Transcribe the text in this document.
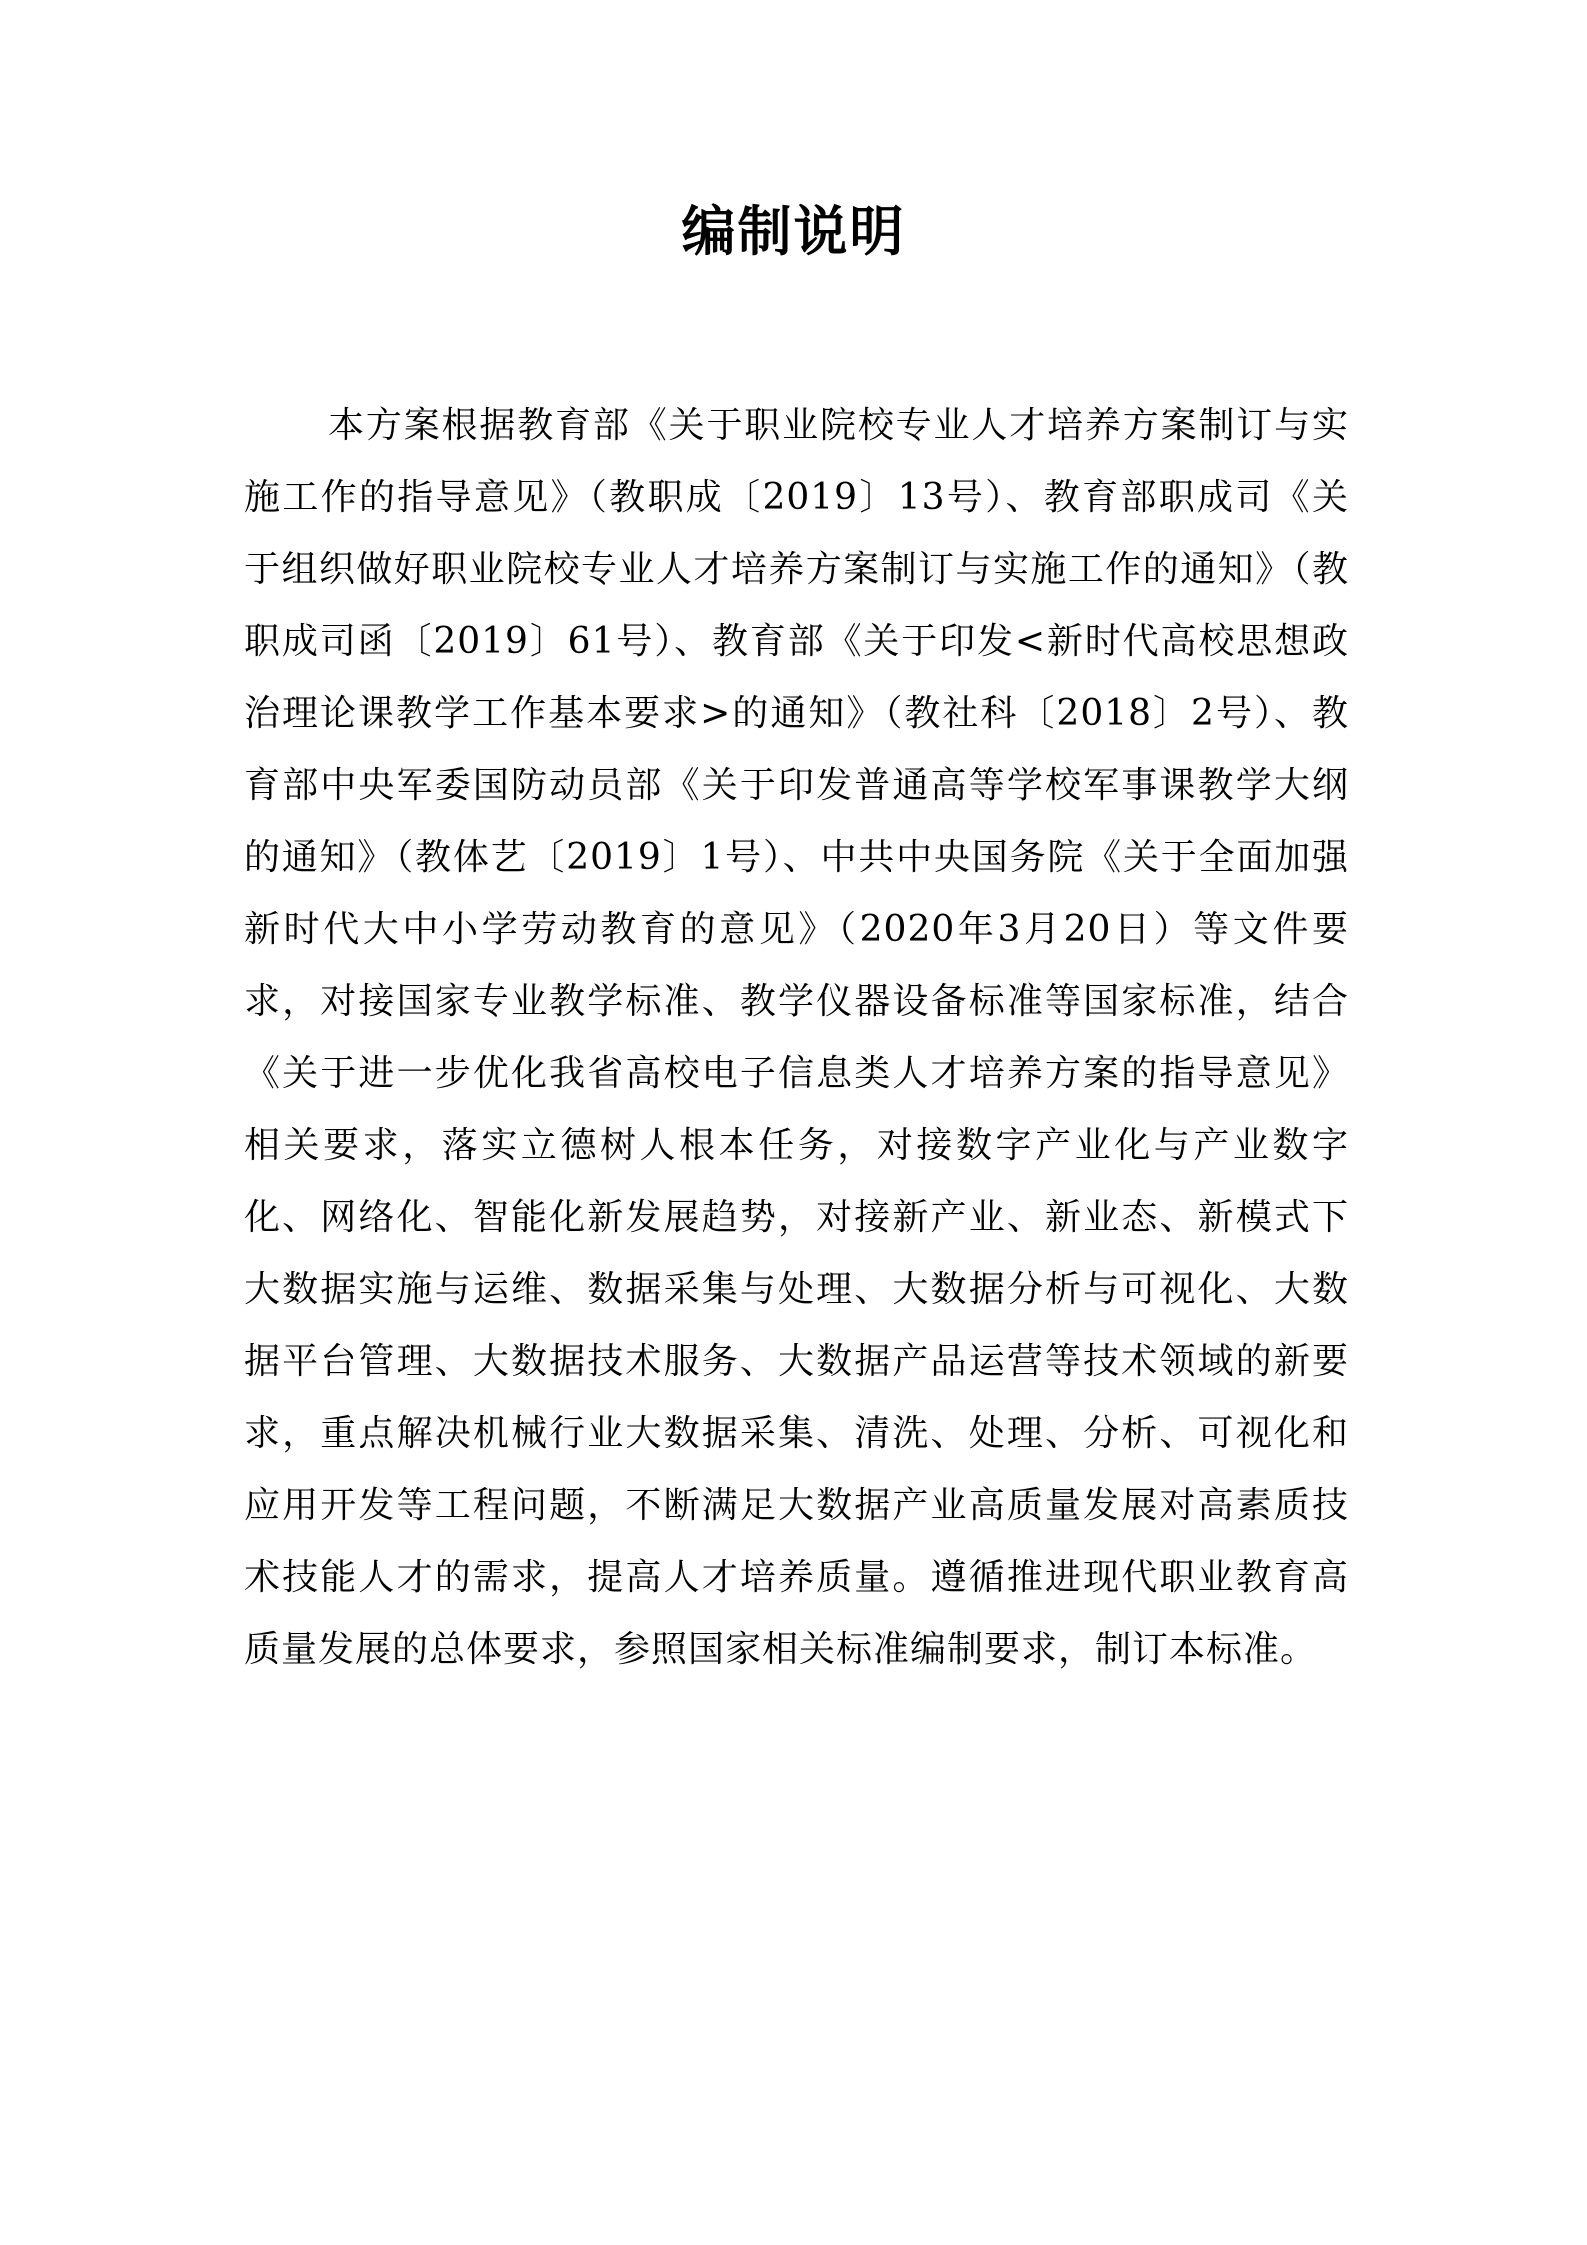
编制说明

本方案根据教育部《关于职业院校专业人才培养方案制订与实施工作的指导意见》（教职成〔2019〕13号）、教育部职成司《关于组织做好职业院校专业人才培养方案制订与实施工作的通知》（教职成司函〔2019〕61号）、教育部《关于印发<新时代高校思想政治理论课教学工作基本要求>的通知》（教社科〔2018〕2号）、教育部中央军委国防动员部《关于印发普通高等学校军事课教学大纲的通知》（教体艺〔2019〕1号）、中共中央国务院《关于全面加强新时代大中小学劳动教育的意见》（2020年3月20日）等文件要求，对接国家专业教学标准、教学仪器设备标准等国家标准，结合《关于进一步优化我省高校电子信息类人才培养方案的指导意见》相关要求，落实立德树人根本任务，对接数字产业化与产业数字化、网络化、智能化新发展趋势，对接新产业、新业态、新模式下大数据实施与运维、数据采集与处理、大数据分析与可视化、大数据平台管理、大数据技术服务、大数据产品运营等技术领域的新要求，重点解决机械行业大数据采集、清洗、处理、分析、可视化和应用开发等工程问题，不断满足大数据产业高质量发展对高素质技术技能人才的需求，提高人才培养质量。遵循推进现代职业教育高质量发展的总体要求，参照国家相关标准编制要求，制订本标准。
